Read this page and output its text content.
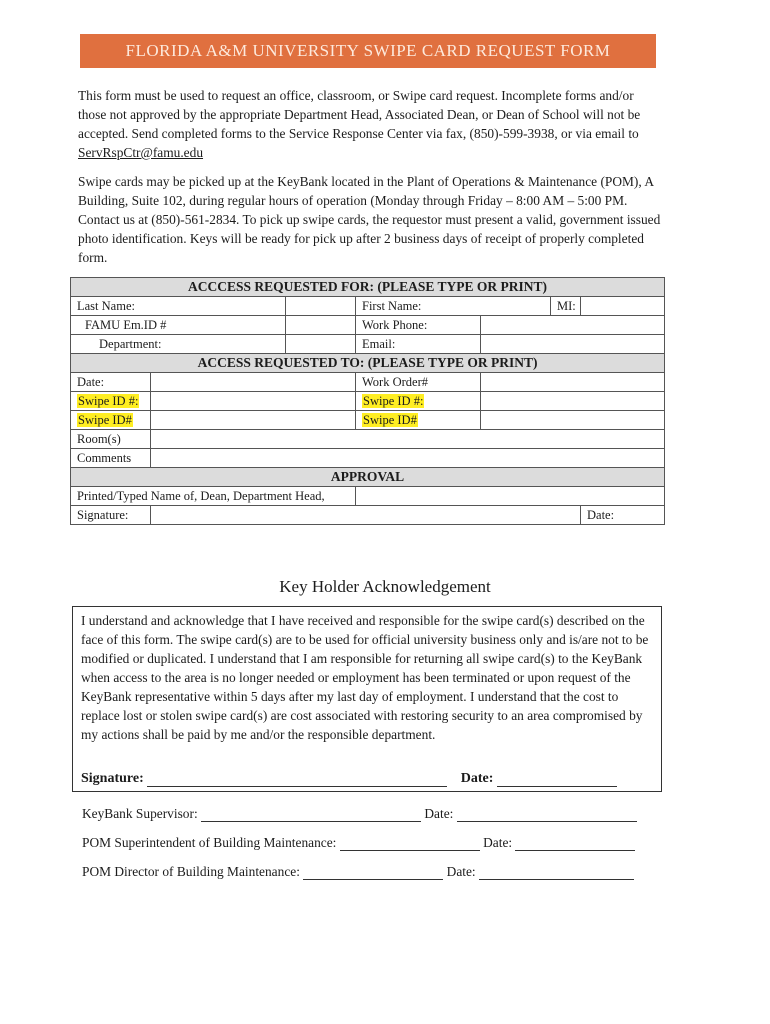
FLORIDA A&M UNIVERSITY SWIPE CARD REQUEST FORM

This form must be used to request an office, classroom, or Swipe card request. Incomplete forms and/or those not approved by the appropriate Department Head, Associated Dean, or Dean of School will not be accepted. Send completed forms to the Service Response Center via fax, (850)-599-3938, or via email to ServRspCtr@famu.edu

Swipe cards may be picked up at the KeyBank located in the Plant of Operations & Maintenance (POM), A Building, Suite 102, during regular hours of operation (Monday through Friday – 8:00 AM – 5:00 PM. Contact us at (850)-561-2834. To pick up swipe cards, the requestor must present a valid, government issued photo identification. Keys will be ready for pick up after 2 business days of receipt of properly completed form.

ACCCESS REQUESTED FOR: (PLEASE TYPE OR PRINT)						
Last Name:			First Name:		MI:	
FAMU Em.ID #			Work Phone:			
Department:			Email:			
ACCESS REQUESTED TO: (PLEASE TYPE OR PRINT)						
Date:			Work Order#			
Swipe ID #:			Swipe ID #:			
Swipe ID#			Swipe ID#			
Room(s)						
Comments						
APPROVAL						
Printed/Typed Name of, Dean, Department Head,						
Signature:						Date:
Key Holder Acknowledgement

I understand and acknowledge that I have received and responsible for the swipe card(s) described on the face of this form. The swipe card(s) are to be used for official university business only and is/are not to be modified or duplicated. I understand that I am responsible for returning all swipe card(s) to the KeyBank when access to the area is no longer needed or employment has been terminated or upon request of the KeyBank representative within 5 days after my last day of employment. I understand that the cost to replace lost or stolen swipe card(s) are cost associated with restoring security to an area compromised by my actions shall be paid by me and/or the responsible department.

Signature:	Date:
KeyBank Supervisor:	Date:
POM Superintendent of Building Maintenance:	Date:
POM Director of Building Maintenance:	Date:
